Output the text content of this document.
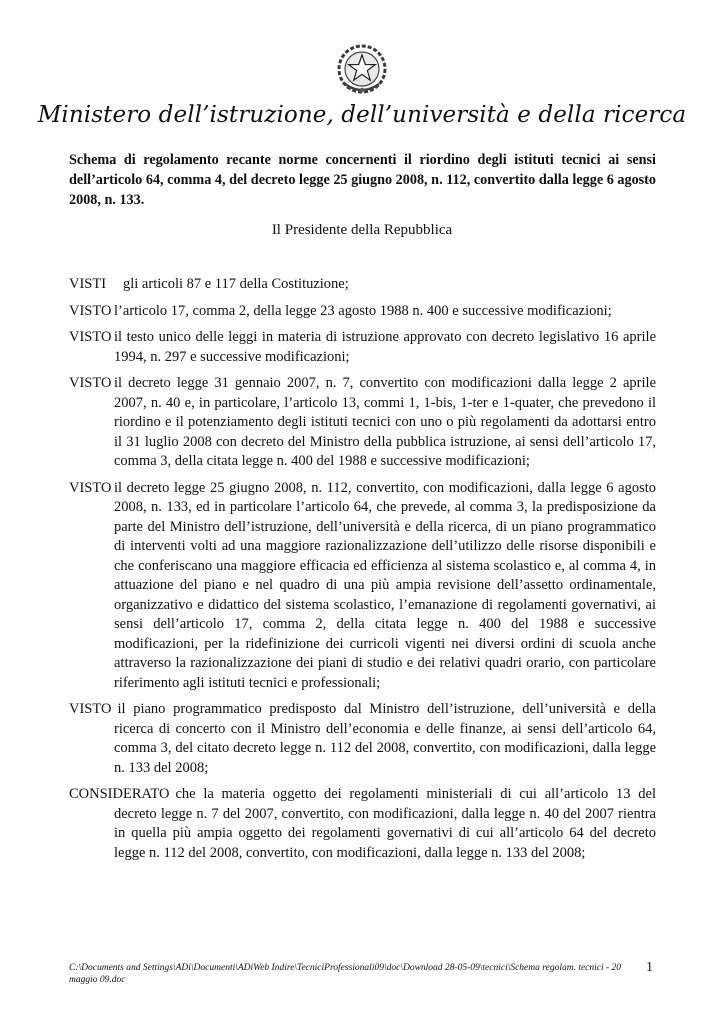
Ministero dell’istruzione, dell’università e della ricerca
Schema di regolamento recante norme concernenti il riordino degli istituti tecnici ai sensi dell’articolo 64, comma 4, del decreto legge 25 giugno 2008, n. 112, convertito dalla legge 6 agosto 2008, n. 133.
Il Presidente della Repubblica
VISTI gli articoli 87 e 117 della Costituzione;
VISTO l’articolo 17, comma 2, della legge 23 agosto 1988 n. 400 e successive modificazioni;
VISTO il testo unico delle leggi in materia di istruzione approvato con decreto legislativo 16 aprile 1994, n. 297 e successive modificazioni;
VISTO il decreto legge 31 gennaio 2007, n. 7, convertito con modificazioni dalla legge 2 aprile 2007, n. 40 e, in particolare, l’articolo 13, commi 1, 1-bis, 1-ter e 1-quater, che prevedono il riordino e il potenziamento degli istituti tecnici con uno o più regolamenti da adottarsi entro il 31 luglio 2008 con decreto del Ministro della pubblica istruzione, ai sensi dell’articolo 17, comma 3, della citata legge n. 400 del 1988 e successive modificazioni;
VISTO il decreto legge 25 giugno 2008, n. 112, convertito, con modificazioni, dalla legge 6 agosto 2008, n. 133, ed in particolare l’articolo 64, che prevede, al comma 3, la predisposizione da parte del Ministro dell’istruzione, dell’università e della ricerca, di un piano programmatico di interventi volti ad una maggiore razionalizzazione dell’utilizzo delle risorse disponibili e che conferiscano una maggiore efficacia ed efficienza al sistema scolastico e, al comma 4, in attuazione del piano e nel quadro di una più ampia revisione dell’assetto ordinamentale, organizzativo e didattico del sistema scolastico, l’emanazione di regolamenti governativi, ai sensi dell’articolo 17, comma 2, della citata legge n. 400 del 1988 e successive modificazioni, per la ridefinizione dei curricoli vigenti nei diversi ordini di scuola anche attraverso la razionalizzazione dei piani di studio e dei relativi quadri orario, con particolare riferimento agli istituti tecnici e professionali;
VISTO il piano programmatico predisposto dal Ministro dell’istruzione, dell’università e della ricerca di concerto con il Ministro dell’economia e delle finanze, ai sensi dell’articolo 64, comma 3, del citato decreto legge n. 112 del 2008, convertito, con modificazioni, dalla legge n. 133 del 2008;
CONSIDERATO che la materia oggetto dei regolamenti ministeriali di cui all’articolo 13 del decreto legge n. 7 del 2007, convertito, con modificazioni, dalla legge n. 40 del 2007 rientra in quella più ampia oggetto dei regolamenti governativi di cui all’articolo 64 del decreto legge n. 112 del 2008, convertito, con modificazioni, dalla legge n. 133 del 2008;
C:\Documents and Settings\ADi\Documenti\ADiWeb Indire\TecniciProfessionali09\doc\Download 28-05-09\tecnici\Schema regolam. tecnici - 20 maggio 09.doc
1
